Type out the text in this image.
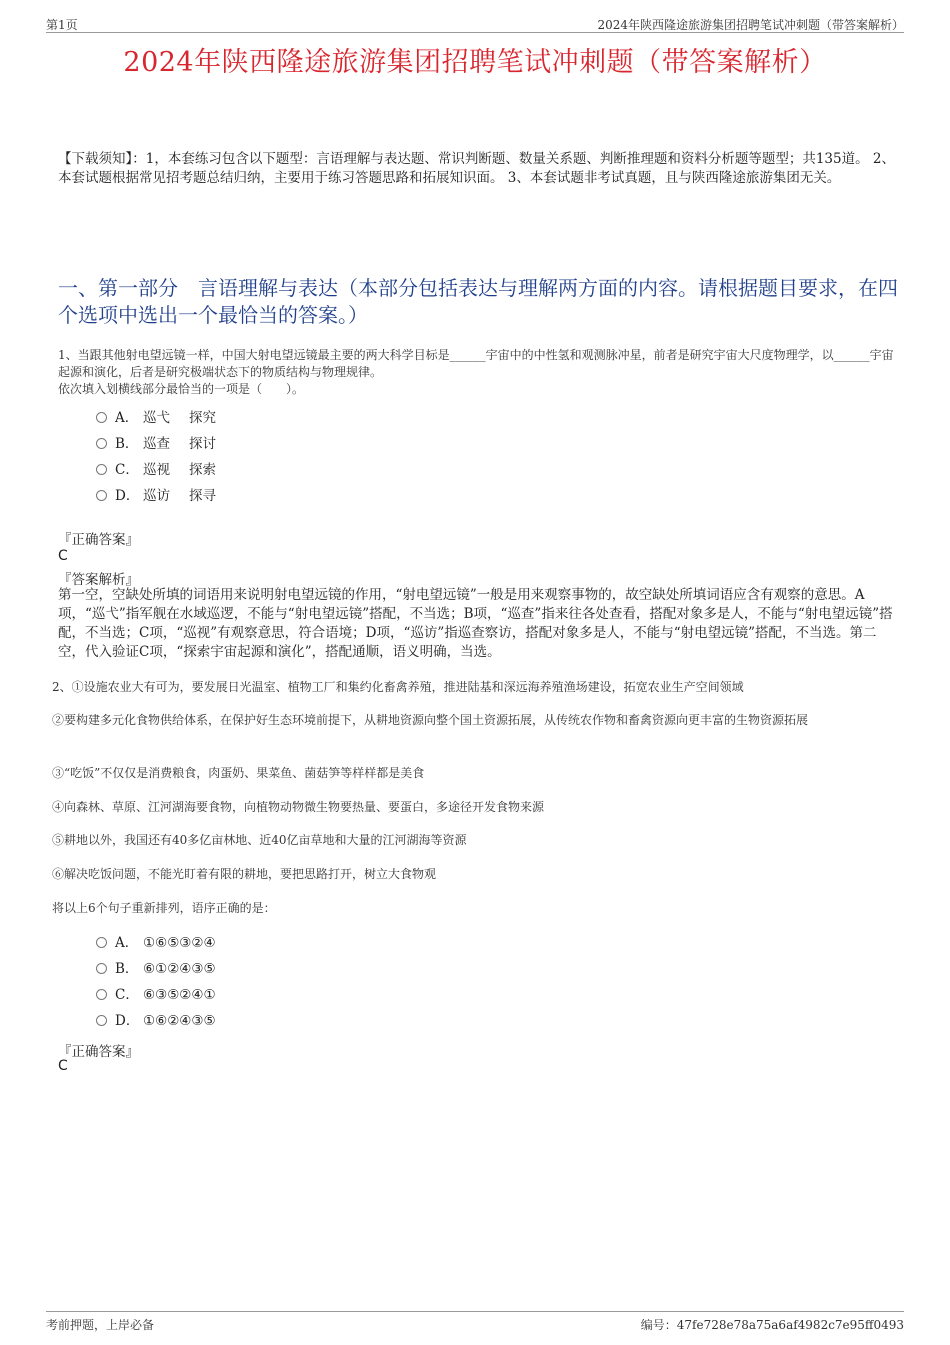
第1页	2024年陕西隆途旅游集团招聘笔试冲刺题（带答案解析）
2024年陕西隆途旅游集团招聘笔试冲刺题（带答案解析）
【下载须知】：1，本套练习包含以下题型：言语理解与表达题、常识判断题、数量关系题、判断推理题和资料分析题等题型；共135道。 2、本套试题根据常见招考题总结归纳，主要用于练习答题思路和拓展知识面。 3、本套试题非考试真题，且与陕西隆途旅游集团无关。
一、第一部分　言语理解与表达（本部分包括表达与理解两方面的内容。请根据题目要求，在四个选项中选出一个最恰当的答案。）
1、当跟其他射电望远镜一样，中国大射电望远镜最主要的两大科学目标是______宇宙中的中性氢和观测脉冲星，前者是研究宇宙大尺度物理学，以______宇宙起源和演化，后者是研究极端状态下的物质结构与物理规律。
依次填入划横线部分最恰当的一项是（　　）。
A． 巡弋 探究
B． 巡查 探讨
C． 巡视 探索
D． 巡访 探寻
『正确答案』
C
『答案解析』
第一空，空缺处所填的词语用来说明射电望远镜的作用，“射电望远镜”一般是用来观察事物的，故空缺处所填词语应含有观察的意思。A项，“巡弋”指军舰在水域巡逻，不能与“射电望远镜”搭配，不当选；B项，“巡查”指来往各处查看，搭配对象多是人，不能与“射电望远镜”搭配，不当选；C项，“巡视”有观察意思，符合语境；D项，“巡访”指巡查察访，搭配对象多是人，不能与“射电望远镜”搭配，不当选。第二空，代入验证C项，“探索宇宙起源和演化”，搭配通顺，语义明确，当选。
2、①设施农业大有可为，要发展日光温室、植物工厂和集约化畜禽养殖，推进陆基和深远海养殖渔场建设，拓宽农业生产空间领域
②要构建多元化食物供给体系，在保护好生态环境前提下，从耕地资源向整个国土资源拓展，从传统农作物和畜禽资源向更丰富的生物资源拓展
③“吃饭”不仅仅是消费粮食，肉蛋奶、果菜鱼、菌菇笋等样样都是美食
④向森林、草原、江河湖海要食物，向植物动物微生物要热量、要蛋白，多途径开发食物来源
⑤耕地以外，我国还有40多亿亩林地、近40亿亩草地和大量的江河湖海等资源
⑥解决吃饭问题，不能光盯着有限的耕地，要把思路打开，树立大食物观
将以上6个句子重新排列，语序正确的是：
A． ①⑥⑤③②④
B． ⑥①②④③⑤
C． ⑥③⑤②④①
D． ①⑥②④③⑤
『正确答案』
C
考前押题，上岸必备	编号：47fe728e78a75a6af4982c7e95ff0493
